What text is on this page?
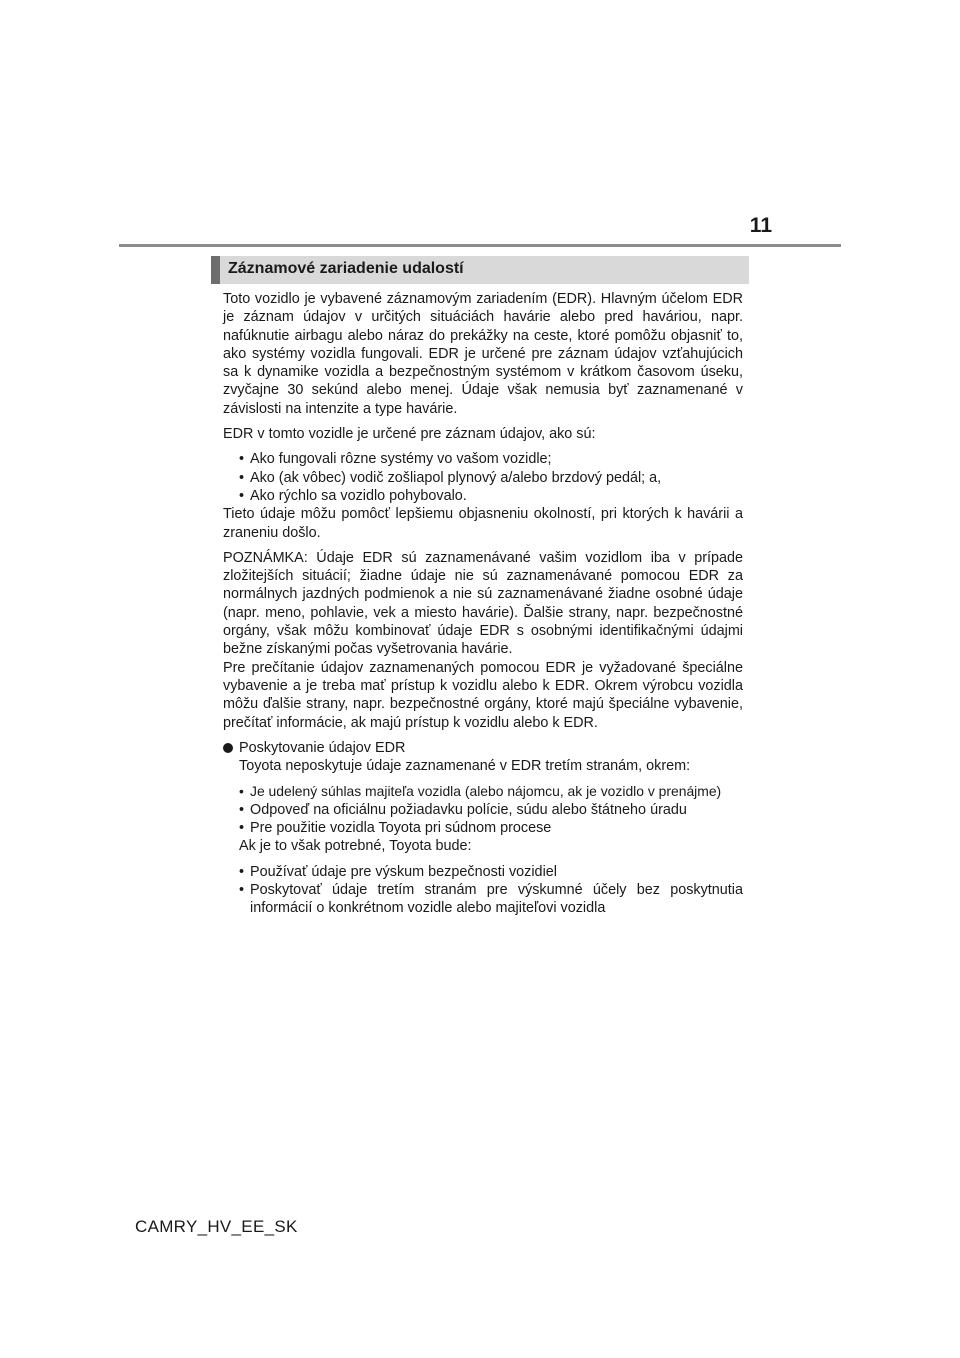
11
Záznamové zariadenie udalostí

Toto vozidlo je vybavené záznamovým zariadením (EDR). Hlavným účelom EDR je záznam údajov v určitých situáciách havárie alebo pred haváriou, napr. nafúknutie airbagu alebo náraz do prekážky na ceste, ktoré pomôžu objasniť to, ako systémy vozidla fungovali. EDR je určené pre záznam údajov vzťahujúcich sa k dynamike vozidla a bezpečnostným systémom v krátkom časovom úseku, zvyčajne 30 sekúnd alebo menej. Údaje však nemusia byť zaznamenané v závislosti na intenzite a type havárie.

EDR v tomto vozidle je určené pre záznam údajov, ako sú:

• Ako fungovali rôzne systémy vo vašom vozidle;
• Ako (ak vôbec) vodič zošliapol plynový a/alebo brzdový pedál; a,
• Ako rýchlo sa vozidlo pohybovalo.

Tieto údaje môžu pomôcť lepšiemu objasneniu okolností, pri ktorých k havárii a zraneniu došlo.

POZNÁMKA: Údaje EDR sú zaznamenávané vašim vozidlom iba v prípade zložitejších situácií; žiadne údaje nie sú zaznamenávané pomocou EDR za normálnych jazdných podmienok a nie sú zaznamenávané žiadne osobné údaje (napr. meno, pohlavie, vek a miesto havárie). Ďalšie strany, napr. bezpečnostné orgány, však môžu kombinovať údaje EDR s osobnými identifikačnými údajmi bežne získanými počas vyšetrovania havárie.

Pre prečítanie údajov zaznamenaných pomocou EDR je vyžadované špeciálne vybavenie a je treba mať prístup k vozidlu alebo k EDR. Okrem výrobcu vozidla môžu ďalšie strany, napr. bezpečnostné orgány, ktoré majú špeciálne vybavenie, prečítať informácie, ak majú prístup k vozidlu alebo k EDR.

Poskytovanie údajov EDR
Toyota neposkytuje údaje zaznamenané v EDR tretím stranám, okrem:
• Je udelený súhlas majiteľa vozidla (alebo nájomcu, ak je vozidlo v prenájme)
• Odpoveď na oficiálnu požiadavku polície, súdu alebo štátneho úradu
• Pre použitie vozidla Toyota pri súdnom procese
Ak je to však potrebné, Toyota bude:
• Používať údaje pre výskum bezpečnosti vozidiel
• Poskytovať údaje tretím stranám pre výskumné účely bez poskytnutia informácií o konkrétnom vozidle alebo majiteľovi vozidla
CAMRY_HV_EE_SK
